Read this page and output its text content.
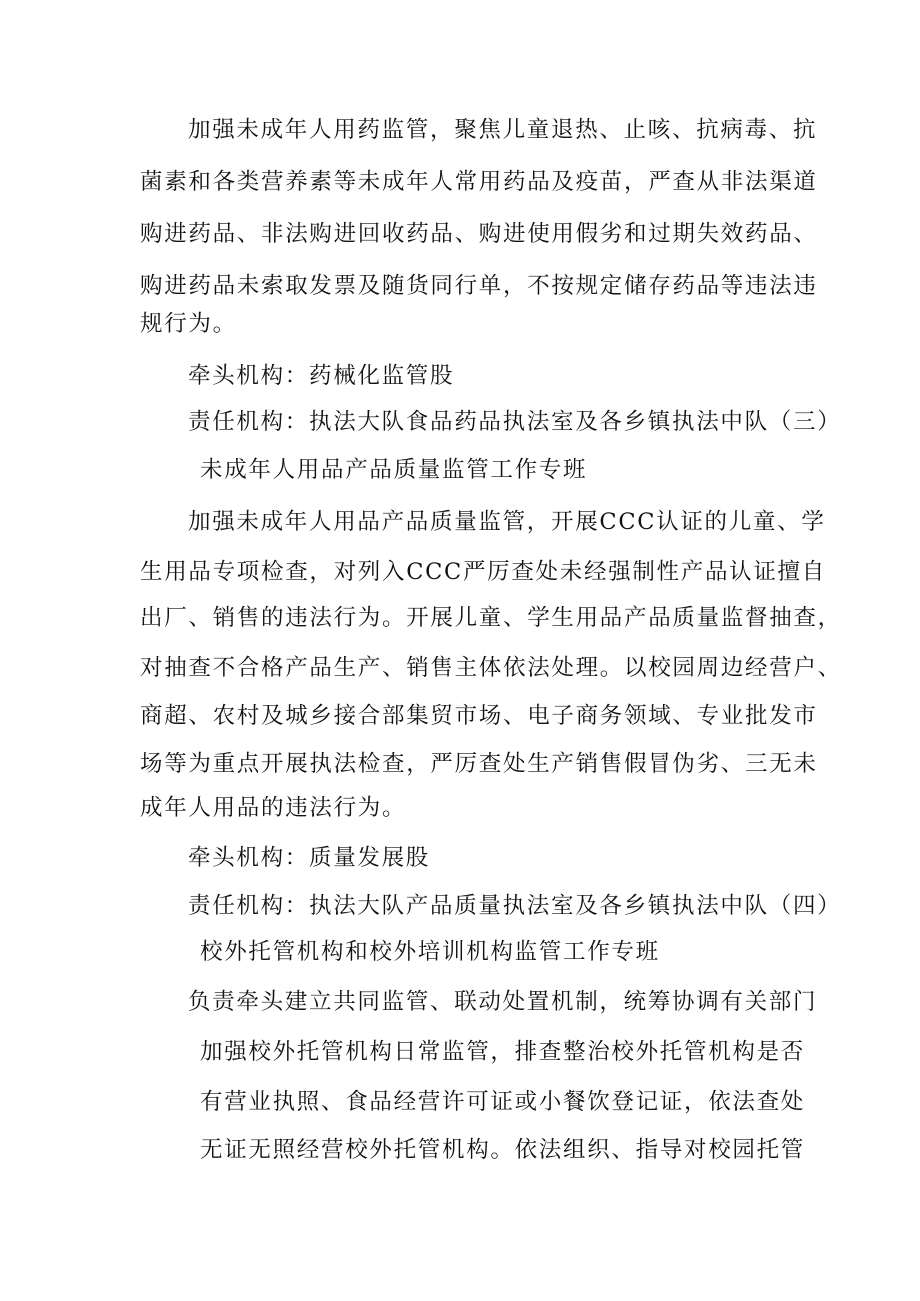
加强未成年人用药监管，聚焦儿童退热、止咳、抗病毒、抗
菌素和各类营养素等未成年人常用药品及疫苗，严查从非法渠道
购进药品、非法购进回收药品、购进使用假劣和过期失效药品、
购进药品未索取发票及随货同行单，不按规定储存药品等违法违
规行为。
牵头机构：药械化监管股
责任机构：执法大队食品药品执法室及各乡镇执法中队（三）
未成年人用品产品质量监管工作专班
加强未成年人用品产品质量监管，开展CCC认证的儿童、学
生用品专项检查，对列入CCC严厉查处未经强制性产品认证擅自
出厂、销售的违法行为。开展儿童、学生用品产品质量监督抽查，
对抽查不合格产品生产、销售主体依法处理。以校园周边经营户、
商超、农村及城乡接合部集贸市场、电子商务领域、专业批发市
场等为重点开展执法检查，严厉查处生产销售假冒伪劣、三无未
成年人用品的违法行为。
牵头机构：质量发展股
责任机构：执法大队产品质量执法室及各乡镇执法中队（四）
校外托管机构和校外培训机构监管工作专班
负责牵头建立共同监管、联动处置机制，统筹协调有关部门
加强校外托管机构日常监管，排查整治校外托管机构是否
有营业执照、食品经营许可证或小餐饮登记证，依法查处
无证无照经营校外托管机构。依法组织、指导对校园托管
